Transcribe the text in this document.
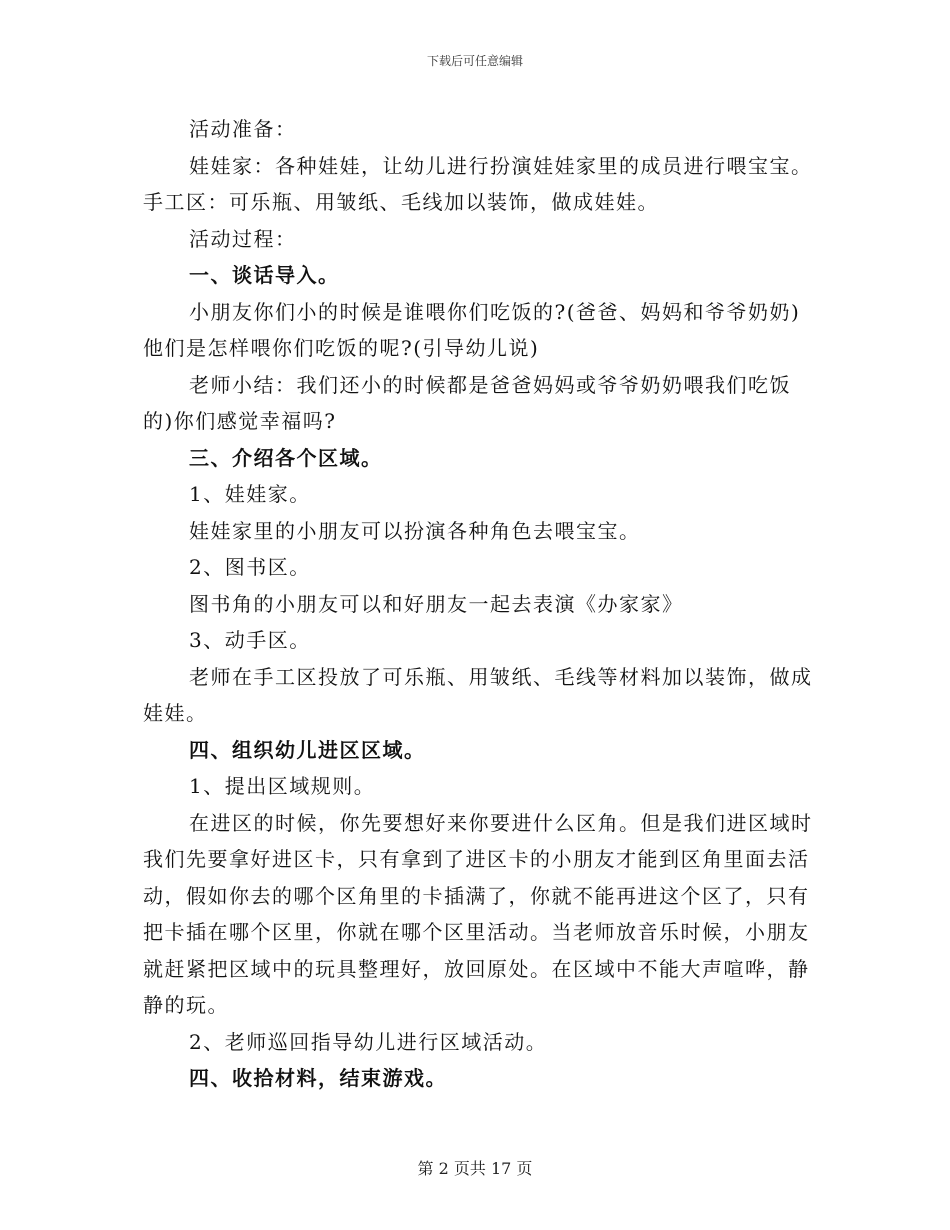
下载后可任意编辑

活动准备：

娃娃家：各种娃娃，让幼儿进行扮演娃娃家里的成员进行喂宝宝。手工区：可乐瓶、用皱纸、毛线加以装饰，做成娃娃。

活动过程：

一、谈话导入。

小朋友你们小的时候是谁喂你们吃饭的?(爸爸、妈妈和爷爷奶奶)他们是怎样喂你们吃饭的呢?(引导幼儿说)

老师小结：我们还小的时候都是爸爸妈妈或爷爷奶奶喂我们吃饭的)你们感觉幸福吗?

三、介绍各个区域。

1、娃娃家。

娃娃家里的小朋友可以扮演各种角色去喂宝宝。

2、图书区。

图书角的小朋友可以和好朋友一起去表演《办家家》

3、动手区。

老师在手工区投放了可乐瓶、用皱纸、毛线等材料加以装饰，做成娃娃。

四、组织幼儿进区区域。

1、提出区域规则。

在进区的时候，你先要想好来你要进什么区角。但是我们进区域时我们先要拿好进区卡，只有拿到了进区卡的小朋友才能到区角里面去活动，假如你去的哪个区角里的卡插满了，你就不能再进这个区了，只有把卡插在哪个区里，你就在哪个区里活动。当老师放音乐时候，小朋友就赶紧把区域中的玩具整理好，放回原处。在区域中不能大声喧哗，静静的玩。

2、老师巡回指导幼儿进行区域活动。

四、收拾材料，结束游戏。

第 2 页共 17 页
